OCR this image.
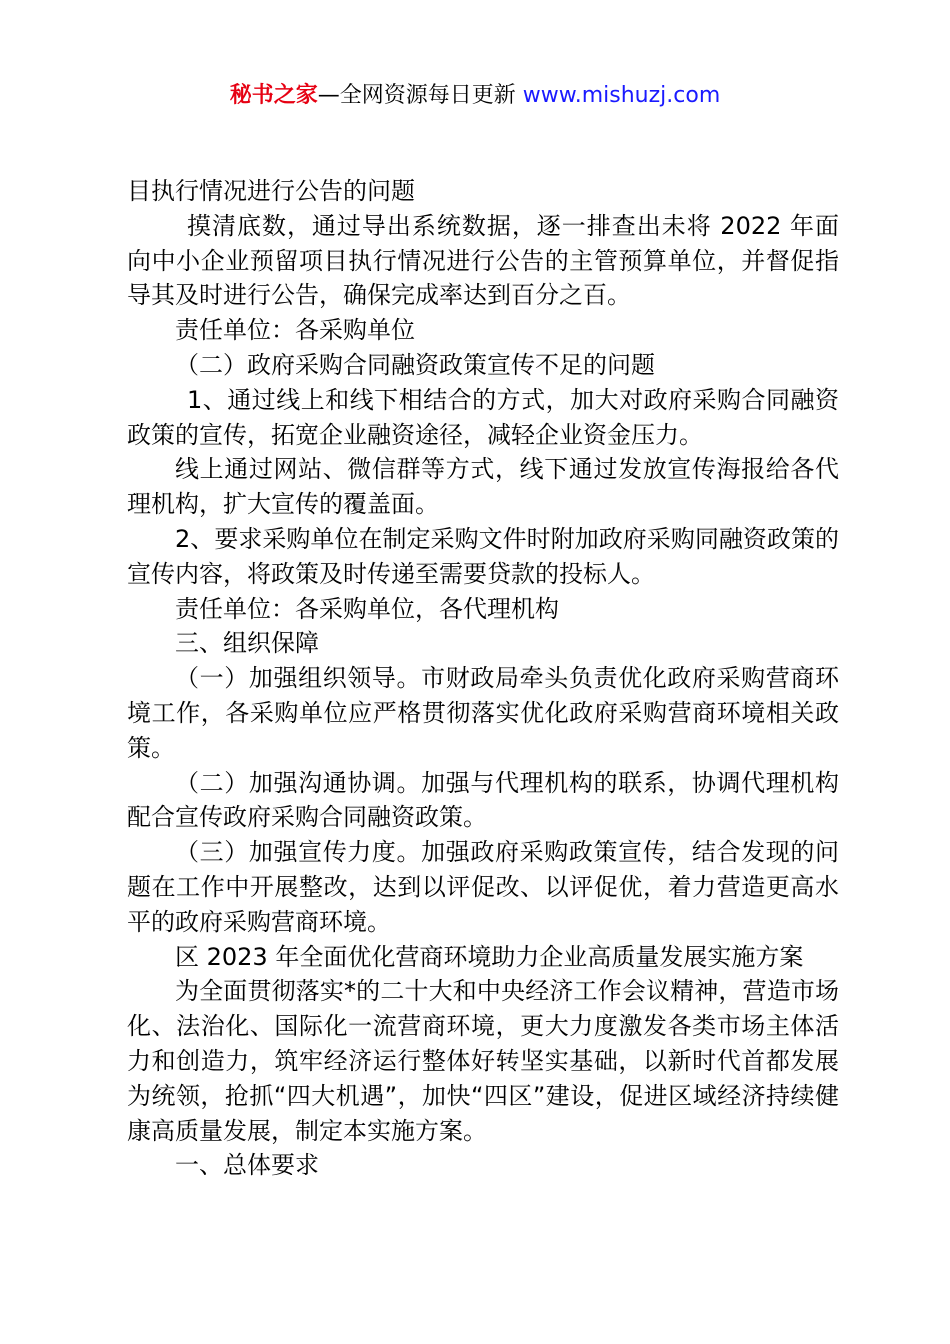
秘书之家—全网资源每日更新 www.mishuzj.com

目执行情况进行公告的问题

摸清底数，通过导出系统数据，逐一排查出未将 2022 年面向中小企业预留项目执行情况进行公告的主管预算单位，并督促指导其及时进行公告，确保完成率达到百分之百。

责任单位：各采购单位

（二）政府采购合同融资政策宣传不足的问题

1、通过线上和线下相结合的方式，加大对政府采购合同融资政策的宣传，拓宽企业融资途径，减轻企业资金压力。

线上通过网站、微信群等方式，线下通过发放宣传海报给各代理机构，扩大宣传的覆盖面。

2、要求采购单位在制定采购文件时附加政府采购同融资政策的宣传内容，将政策及时传递至需要贷款的投标人。

责任单位：各采购单位，各代理机构

三、组织保障

（一）加强组织领导。市财政局牵头负责优化政府采购营商环境工作，各采购单位应严格贯彻落实优化政府采购营商环境相关政策。

（二）加强沟通协调。加强与代理机构的联系，协调代理机构配合宣传政府采购合同融资政策。

（三）加强宣传力度。加强政府采购政策宣传，结合发现的问题在工作中开展整改，达到以评促改、以评促优，着力营造更高水平的政府采购营商环境。

区 2023 年全面优化营商环境助力企业高质量发展实施方案

为全面贯彻落实*的二十大和中央经济工作会议精神，营造市场化、法治化、国际化一流营商环境，更大力度激发各类市场主体活力和创造力，筑牢经济运行整体好转坚实基础，以新时代首都发展为统领，抢抓“四大机遇”，加快“四区”建设，促进区域经济持续健康高质量发展，制定本实施方案。

一、总体要求
